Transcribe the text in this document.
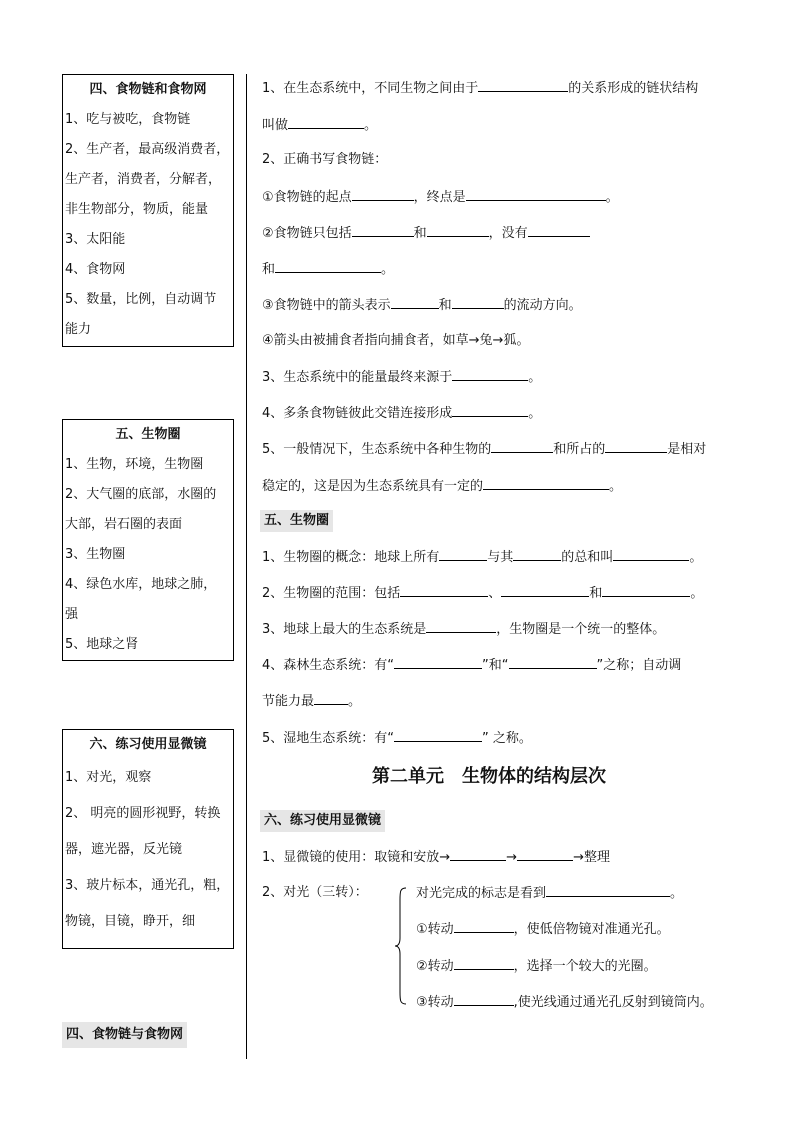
四、食物链和食物网
1、吃与被吃，食物链
2、生产者，最高级消费者，
生产者，消费者，分解者，
非生物部分，物质，能量
3、太阳能
4、食物网
5、数量，比例，自动调节
能力
五、生物圈
1、生物，环境，生物圈
2、大气圈的底部，水圈的
大部，岩石圈的表面
3、生物圈
4、绿色水库，地球之肺，
强
5、地球之肾
六、练习使用显微镜
1、对光，观察
2、 明亮的圆形视野，转换
器，遮光器，反光镜
3、玻片标本，通光孔，粗，
物镜，目镜，睁开，细
四、食物链与食物网
1、在生态系统中，不同生物之间由于	的关系形成的链状结构
叫做	。
2、正确书写食物链：
①食物链的起点	，终点是	。
②食物链只包括	和	，没有
和	。
③食物链中的箭头表示	和	的流动方向。
④箭头由被捕食者指向捕食者，如草→兔→狐。
3、生态系统中的能量最终来源于	。
4、多条食物链彼此交错连接形成	。
5、一般情况下，生态系统中各种生物的	和所占的	是相对
稳定的，这是因为生态系统具有一定的	。
五、生物圈
1、生物圈的概念：地球上所有	与其	的总和叫	。
2、生物圈的范围：包括	、	和	。
3、地球上最大的生态系统是	，生物圈是一个统一的整体。
4、森林生态系统：有“	”和“	”之称；自动调
节能力最	。
5、湿地生态系统：有“	” 之称。
第二单元　生物体的结构层次
六、练习使用显微镜
1、显微镜的使用：取镜和安放→	→	→整理
2、对光（三转）：	对光完成的标志是看到	。
①转动	，使低倍物镜对准通光孔。
②转动	，选择一个较大的光圈。
③转动	,使光线通过通光孔反射到镜筒内。
